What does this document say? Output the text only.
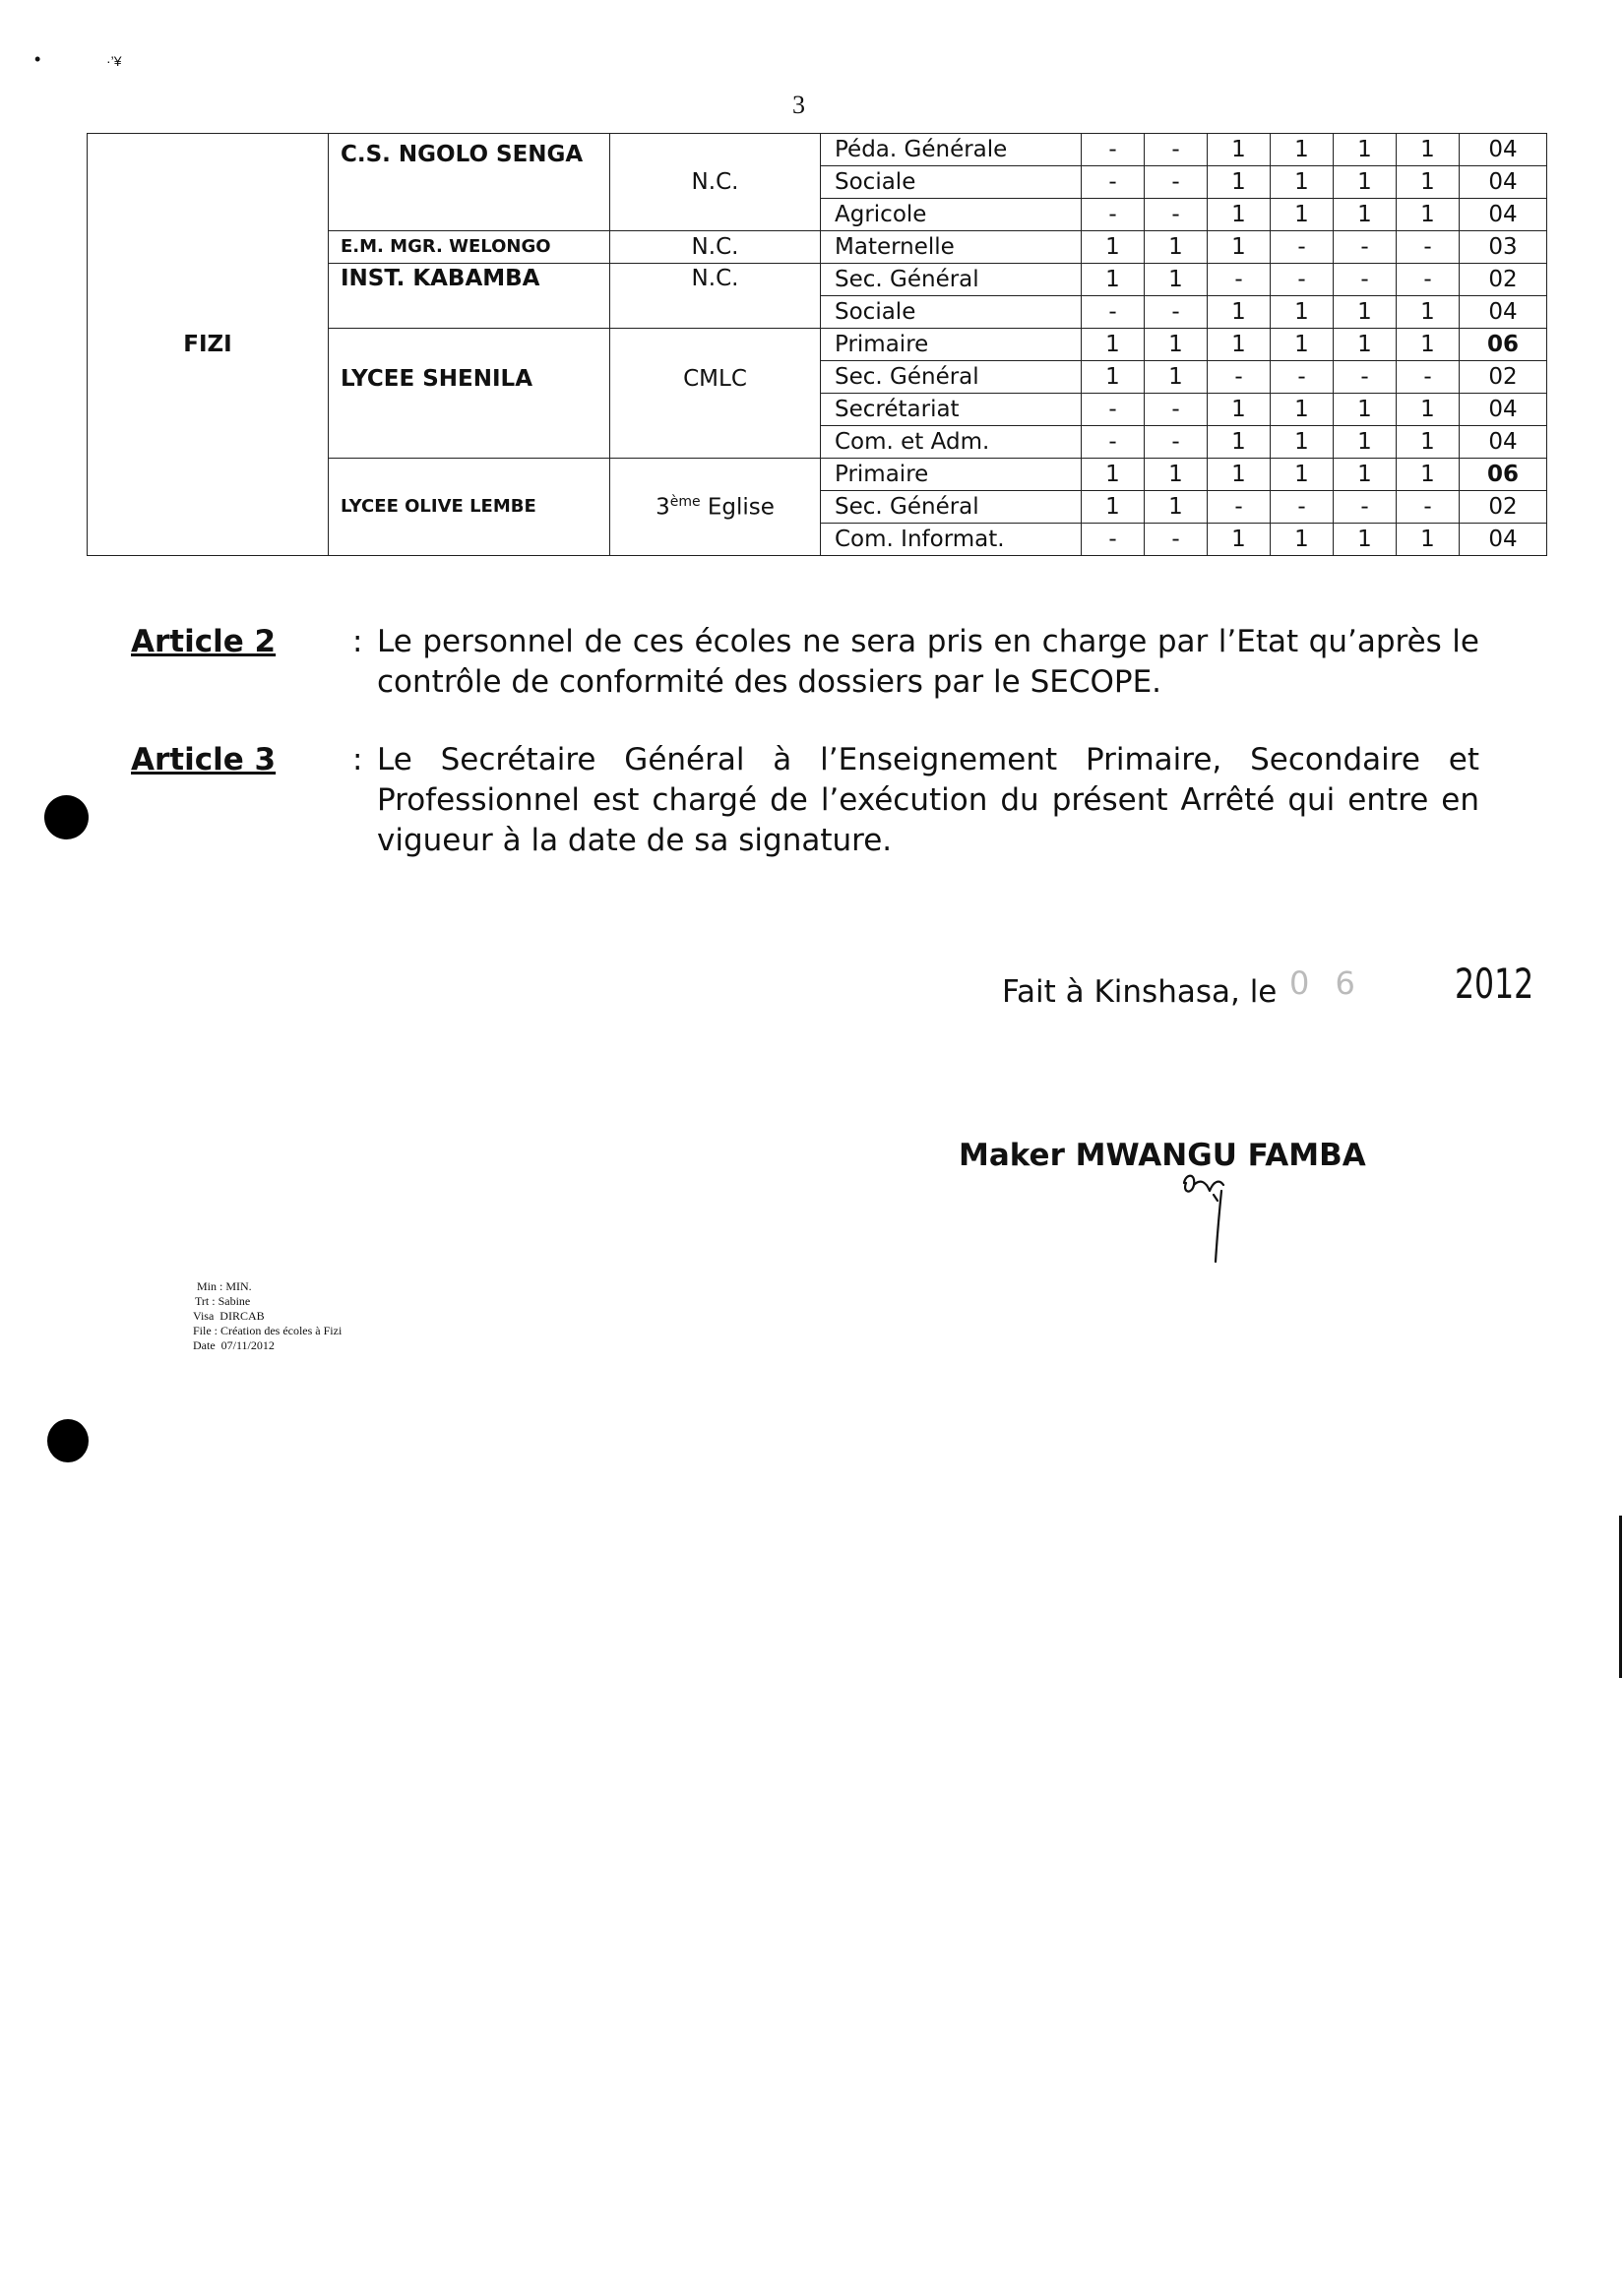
•	·’¥
3
FIZI	C.S. NGOLO SENGA	N.C.	Péda. Générale	-	-	1	1	1	1	04
			Sociale	-	-	1	1	1	1	04
			Agricole	-	-	1	1	1	1	04
	E.M. MGR. WELONGO	N.C.	Maternelle	1	1	1	-	-	-	03
	INST. KABAMBA	N.C.	Sec. Général	1	1	-	-	-	-	02
			Sociale	-	-	1	1	1	1	04
	LYCEE SHENILA	CMLC	Primaire	1	1	1	1	1	1	06
			Sec. Général	1	1	-	-	-	-	02
			Secrétariat	-	-	1	1	1	1	04
			Com. et Adm.	-	-	1	1	1	1	04
	LYCEE OLIVE LEMBE	3ème Eglise	Primaire	1	1	1	1	1	1	06
			Sec. Général	1	1	-	-	-	-	02
			Com. Informat.	-	-	1	1	1	1	04
Article 2	: Le personnel de ces écoles ne sera pris en charge par l’Etat qu’après le contrôle de conformité des dossiers par le SECOPE.
Article 3	: Le Secrétaire Général à l’Enseignement Primaire, Secondaire et Professionnel est chargé de l’exécution du présent Arrêté qui entre en vigueur à la date de sa signature.
Fait à Kinshasa, le 0 6 2012
Maker MWANGU FAMBA
Min : MIN.
Trt : Sabine
Visa  DIRCAB
File : Création des écoles à Fizi
Date  07/11/2012
